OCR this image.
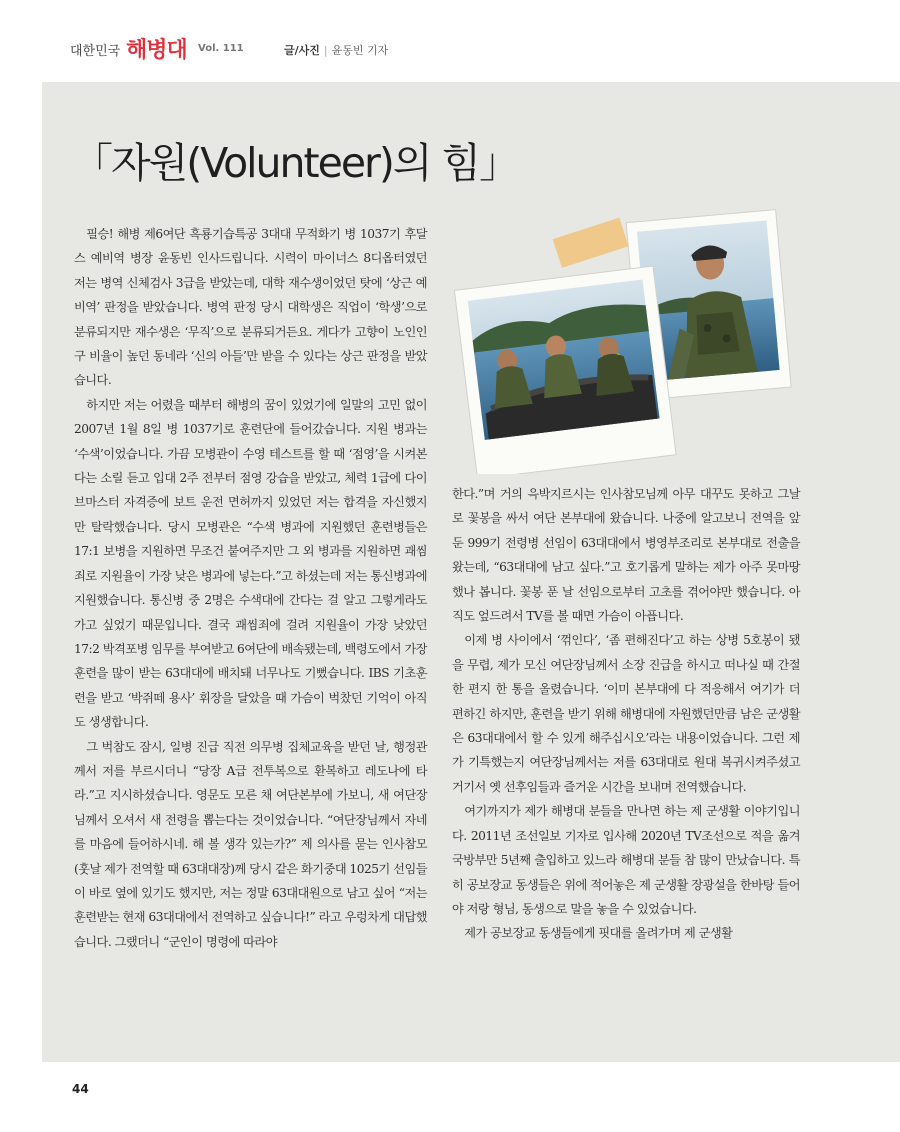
대한민국 해병대 Vol. 111	글/사진 | 윤동빈 기자
「자원(Volunteer)의 힘」

필승! 해병 제6여단 흑룡기습특공 3대대 무적화기 병 1037기 후달스 예비역 병장 윤동빈 인사드립니다. 시력이 마이너스 8디옵터였던 저는 병역 신체검사 3급을 받았는데, 대학 재수생이었던 탓에 ‘상근 예비역’ 판정을 받았습니다. 병역 판정 당시 대학생은 직업이 ‘학생’으로 분류되지만 재수생은 ‘무직’으로 분류되거든요. 게다가 고향이 노인인구 비율이 높던 동네라 ‘신의 아들’만 받을 수 있다는 상근 판정을 받았습니다.

하지만 저는 어렸을 때부터 해병의 꿈이 있었기에 일말의 고민 없이 2007년 1월 8일 병 1037기로 훈련단에 들어갔습니다. 지원 병과는 ‘수색’이었습니다. 가끔 모병관이 수영 테스트를 할 때 ‘점영’을 시켜본다는 소릴 듣고 입대 2주 전부터 점영 강습을 받았고, 체력 1급에 다이브마스터 자격증에 보트 운전 면허까지 있었던 저는 합격을 자신했지만 탈락했습니다. 당시 모병관은 “수색 병과에 지원했던 훈련병들은 17:1 보병을 지원하면 무조건 붙여주지만 그 외 병과를 지원하면 괘씸죄로 지원율이 가장 낮은 병과에 넣는다.”고 하셨는데 저는 통신병과에 지원했습니다. 통신병 중 2명은 수색대에 간다는 걸 알고 그렇게라도 가고 싶었기 때문입니다. 결국 괘씸죄에 걸려 지원율이 가장 낮았던 17:2 박격포병 임무를 부여받고 6여단에 배속됐는데, 백령도에서 가장 훈련을 많이 받는 63대대에 배치돼 너무나도 기뻤습니다. IBS 기초훈련을 받고 ‘박쥐떼 용사’ 휘장을 달았을 때 가슴이 벅찼던 기억이 아직도 생생합니다.

그 벅참도 잠시, 일병 진급 직전 의무병 집체교육을 받던 날, 행정관께서 저를 부르시더니 “당장 A급 전투복으로 환복하고 레도나에 타라.”고 지시하셨습니다. 영문도 모른 채 여단본부에 가보니, 새 여단장님께서 오셔서 새 전령을 뽑는다는 것이었습니다. “여단장님께서 자네를 마음에 들어하시네. 해 볼 생각 있는가?” 제 의사를 묻는 인사참모(훗날 제가 전역할 때 63대대장)께 당시 같은 화기중대 1025기 선임들이 바로 옆에 있기도 했지만, 저는 정말 63대대원으로 남고 싶어 “저는 훈련받는 현재 63대대에서 전역하고 싶습니다!” 라고 우렁차게 대답했습니다. 그랬더니 “군인이 명령에 따라야

한다.”며 거의 윽박지르시는 인사참모님께 아무 대꾸도 못하고 그날로 꽃봉을 싸서 여단 본부대에 왔습니다. 나중에 알고보니 전역을 앞둔 999기 전령병 선임이 63대대에서 병영부조리로 본부대로 전출을 왔는데, “63대대에 남고 싶다.”고 호기롭게 말하는 제가 아주 못마땅했나 봅니다. 꽃봉 푼 날 선임으로부터 고초를 겪어야만 했습니다. 아직도 엎드려서 TV를 볼 때면 가슴이 아픕니다.

이제 병 사이에서 ‘꺾인다’, ‘좀 편해진다’고 하는 상병 5호봉이 됐을 무렵, 제가 모신 여단장님께서 소장 진급을 하시고 떠나실 때 간절한 편지 한 통을 올렸습니다. ‘이미 본부대에 다 적응해서 여기가 더 편하긴 하지만, 훈련을 받기 위해 해병대에 자원했던만큼 남은 군생활은 63대대에서 할 수 있게 해주십시오’라는 내용이었습니다. 그런 제가 기특했는지 여단장님께서는 저를 63대대로 원대 복귀시켜주셨고 거기서 옛 선후임들과 즐거운 시간을 보내며 전역했습니다.

여기까지가 제가 해병대 분들을 만나면 하는 제 군생활 이야기입니다. 2011년 조선일보 기자로 입사해 2020년 TV조선으로 적을 옮겨 국방부만 5년째 출입하고 있느라 해병대 분들 참 많이 만났습니다. 특히 공보장교 동생들은 위에 적어놓은 제 군생활 장광설을 한바탕 들어야 저랑 형님, 동생으로 말을 놓을 수 있었습니다.

제가 공보장교 동생들에게 핏대를 올려가며 제 군생활

44
